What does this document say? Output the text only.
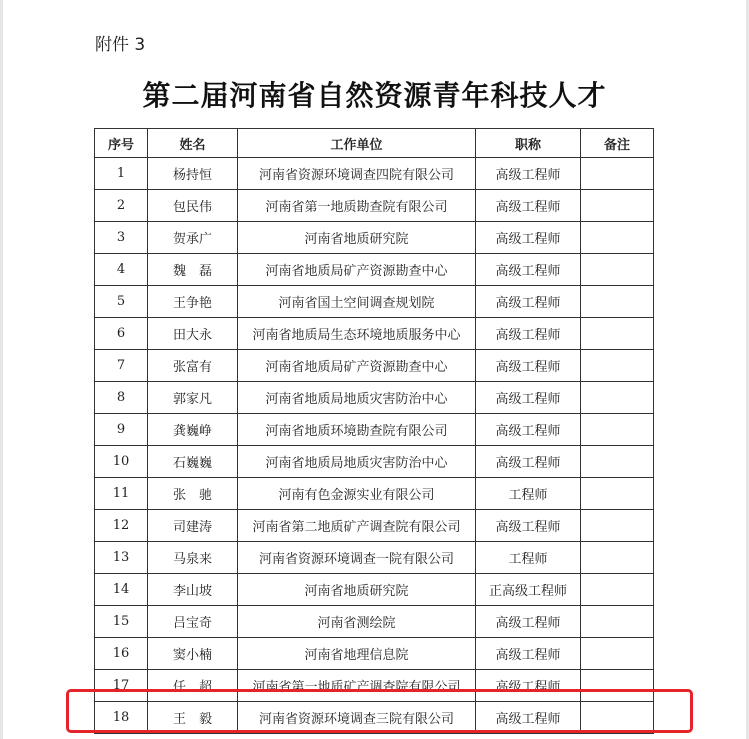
附件 3
第二届河南省自然资源青年科技人才
序号	姓名	工作单位	职称	备注
1	杨持恒	河南省资源环境调查四院有限公司	高级工程师	
2	包民伟	河南省第一地质勘查院有限公司	高级工程师	
3	贺承广	河南省地质研究院	高级工程师	
4	魏　磊	河南省地质局矿产资源勘查中心	高级工程师	
5	王争艳	河南省国土空间调查规划院	高级工程师	
6	田大永	河南省地质局生态环境地质服务中心	高级工程师	
7	张富有	河南省地质局矿产资源勘查中心	高级工程师	
8	郭家凡	河南省地质局地质灾害防治中心	高级工程师	
9	龚巍峥	河南省地质环境勘查院有限公司	高级工程师	
10	石巍巍	河南省地质局地质灾害防治中心	高级工程师	
11	张　驰	河南有色金源实业有限公司	工程师	
12	司建涛	河南省第二地质矿产调查院有限公司	高级工程师	
13	马泉来	河南省资源环境调查一院有限公司	工程师	
14	李山坡	河南省地质研究院	正高级工程师	
15	吕宝奇	河南省测绘院	高级工程师	
16	窦小楠	河南省地理信息院	高级工程师	
17	任　超	河南省第一地质矿产调查院有限公司	高级工程师	
18	王　毅	河南省资源环境调查三院有限公司	高级工程师	
